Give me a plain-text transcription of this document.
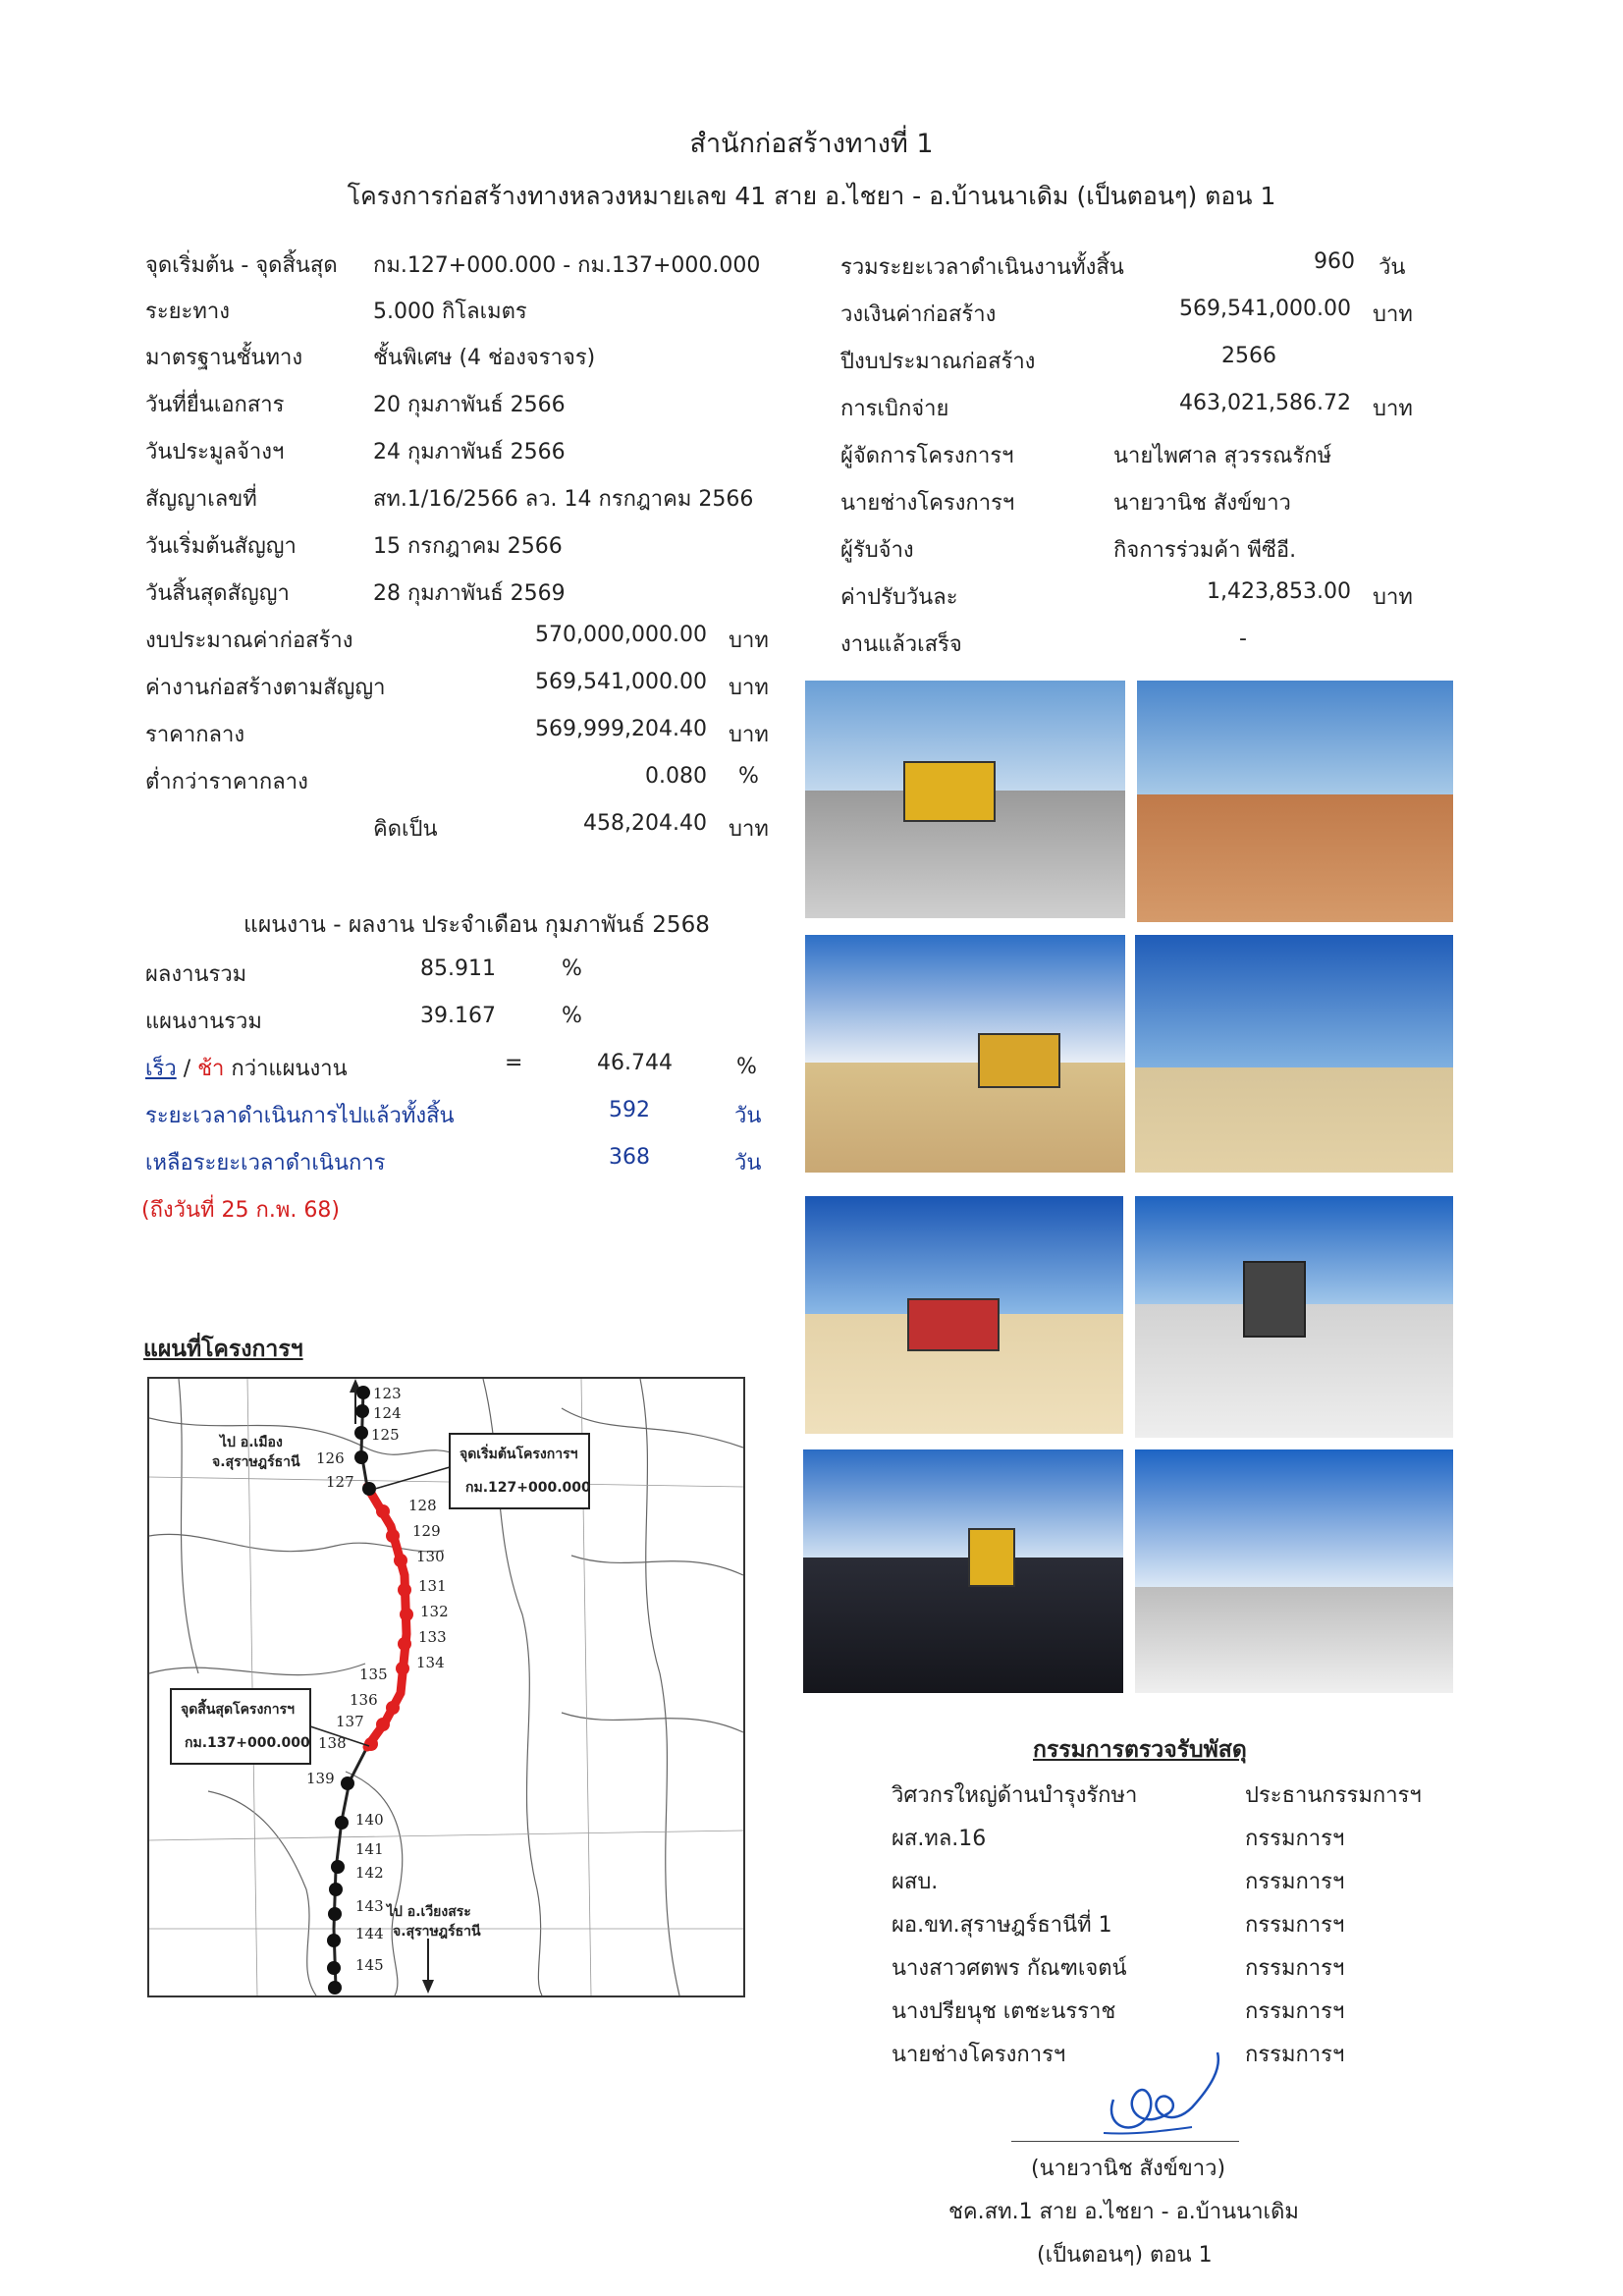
สำนักก่อสร้างทางที่ 1
โครงการก่อสร้างทางหลวงหมายเลข 41 สาย อ.ไชยา - อ.บ้านนาเดิม (เป็นตอนๆ) ตอน 1
จุดเริ่มต้น - จุดสิ้นสุด กม.127+000.000 - กม.137+000.000
ระยะทาง	5.000 กิโลเมตร
มาตรฐานชั้นทาง	ชั้นพิเศษ (4 ช่องจราจร)
วันที่ยื่นเอกสาร	20 กุมภาพันธ์ 2566
วันประมูลจ้างฯ	24 กุมภาพันธ์ 2566
สัญญาเลขที่	สท.1/16/2566 ลว. 14 กรกฎาคม 2566
วันเริ่มต้นสัญญา	15 กรกฎาคม 2566
วันสิ้นสุดสัญญา	28 กุมภาพันธ์ 2569
งบประมาณค่าก่อสร้าง	570,000,000.00 บาท
ค่างานก่อสร้างตามสัญญา	569,541,000.00 บาท
ราคากลาง	569,999,204.40 บาท
ต่ำกว่าราคากลาง	0.080 %
คิดเป็น	458,204.40 บาท
รวมระยะเวลาดำเนินงานทั้งสิ้น	960 วัน
วงเงินค่าก่อสร้าง	569,541,000.00 บาท
ปีงบประมาณก่อสร้าง	2566
การเบิกจ่าย	463,021,586.72 บาท
ผู้จัดการโครงการฯ	นายไพศาล สุวรรณรักษ์
นายช่างโครงการฯ	นายวานิช สังข์ขาว
ผู้รับจ้าง	กิจการร่วมค้า พีซีอี.
ค่าปรับวันละ	1,423,853.00 บาท
งานแล้วเสร็จ	-
แผนงาน - ผลงาน ประจำเดือน กุมภาพันธ์ 2568
ผลงานรวม	85.911	%
แผนงานรวม	39.167	%
เร็ว / ช้า กว่าแผนงาน	=	46.744	%
ระยะเวลาดำเนินการไปแล้วทั้งสิ้น	592	วัน
เหลือระยะเวลาดำเนินการ	368	วัน
(ถึงวันที่ 25 ก.พ. 68)
แผนที่โครงการฯ
123
124
125
126
127
128
129
130
131
132
133
134
135
136
137
138
139
140
141
142
143
144
145
ไป อ.เมือง
จ.สุราษฎร์ธานี
ไป อ.เวียงสระ
จ.สุราษฎร์ธานี
จุดเริ่มต้นโครงการฯ
กม.127+000.000
จุดสิ้นสุดโครงการฯ
กม.137+000.000	กรรมการตรวจรับพัสดุ
วิศวกรใหญ่ด้านบำรุงรักษา	ประธานกรรมการฯ
ผส.ทล.16	กรรมการฯ
ผสบ.	กรรมการฯ
ผอ.ขท.สุราษฎร์ธานีที่ 1	กรรมการฯ
นางสาวศตพร กัณฑเจตน์	กรรมการฯ
นางปรียนุช เตชะนรราช	กรรมการฯ
นายช่างโครงการฯ	กรรมการฯ
(นายวานิช สังข์ขาว)
ชค.สท.1 สาย อ.ไชยา - อ.บ้านนาเดิม
(เป็นตอนๆ) ตอน 1
